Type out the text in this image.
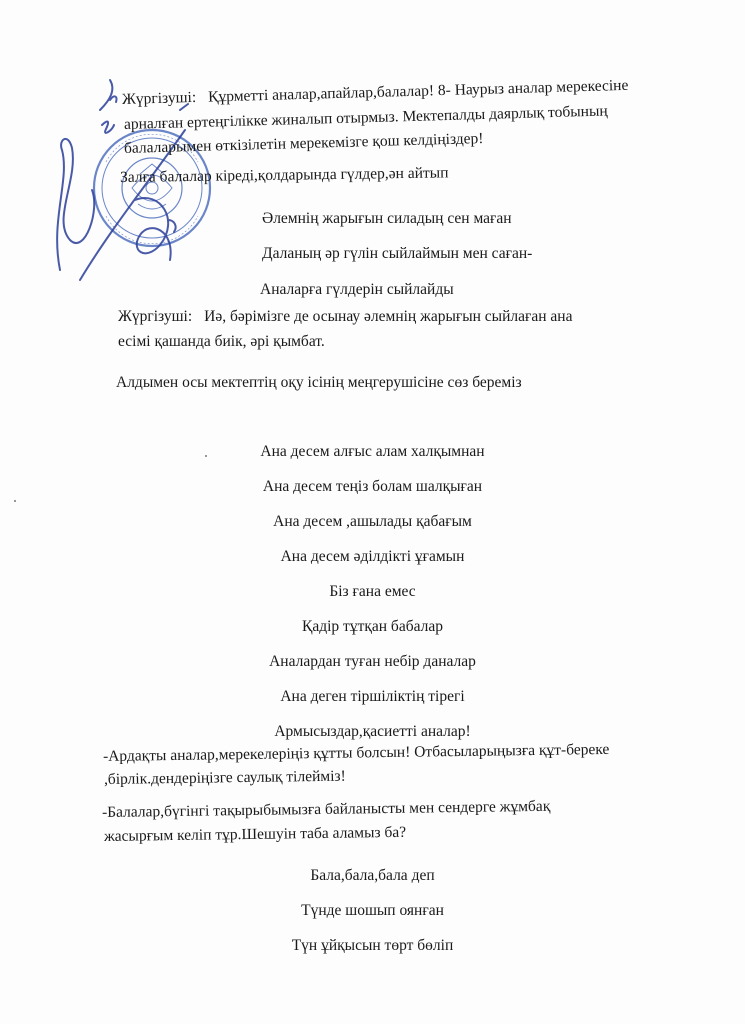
Жүргізуші: Құрметті аналар,апайлар,балалар! 8- Наурыз аналар мерекесіне
арналған ертеңгілікке жиналып отырмыз. Мектепалды даярлық тобының
балаларымен өткізілетін мерекемізге қош келдіңіздер!
Залға балалар кіреді,қолдарында гүлдер,ән айтып
Әлемнің жарығын силадың сен маған
Даланың әр гүлін сыйлаймын мен саған-
Аналарға гүлдерін сыйлайды
Жүргізуші: Иә, бәрімізге де осынау әлемнің жарығын сыйлаған ана
есімі қашанда биік, әрі қымбат.
Алдымен осы мектептің оқу ісінің меңгерушісіне сөз береміз
Ана десем алғыс алам халқымнан
Ана десем теңіз болам шалқыған
Ана десем ,ашылады қабағым
Ана десем әділдікті ұғамын
Біз ғана емес
Қадір тұтқан бабалар
Аналардан туған небір даналар
Ана деген тіршіліктің тірегі
Армысыздар,қасиетті аналар!
-Ардақты аналар,мерекелеріңіз құтты болсын! Отбасыларыңызға құт-береке
,бірлік.дендеріңізге саулық тілейміз!
-Балалар,бүгінгі тақырыбымызға байланысты мен сендерге жұмбақ
жасырғым келіп тұр.Шешуін таба аламыз ба?
Бала,бала,бала деп
Түнде шошып оянған
Түн ұйқысын төрт бөліп
